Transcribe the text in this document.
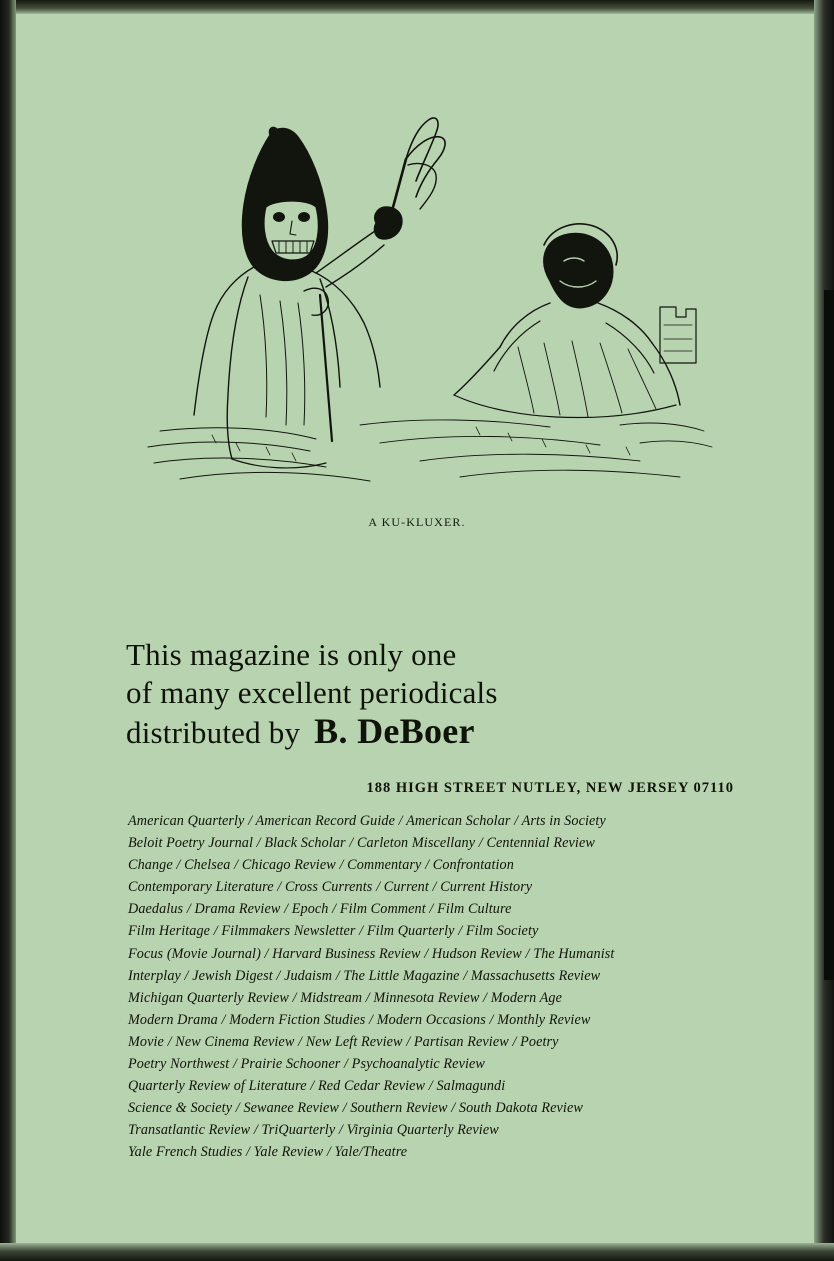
A KU-KLUXER.
This magazine is only one
of many excellent periodicals
distributed by B. DeBoer
188 HIGH STREET NUTLEY, NEW JERSEY 07110
American Quarterly / American Record Guide / American Scholar / Arts in Society
Beloit Poetry Journal / Black Scholar / Carleton Miscellany / Centennial Review
Change / Chelsea / Chicago Review / Commentary / Confrontation
Contemporary Literature / Cross Currents / Current / Current History
Daedalus / Drama Review / Epoch / Film Comment / Film Culture
Film Heritage / Filmmakers Newsletter / Film Quarterly / Film Society
Focus (Movie Journal) / Harvard Business Review / Hudson Review / The Humanist
Interplay / Jewish Digest / Judaism / The Little Magazine / Massachusetts Review
Michigan Quarterly Review / Midstream / Minnesota Review / Modern Age
Modern Drama / Modern Fiction Studies / Modern Occasions / Monthly Review
Movie / New Cinema Review / New Left Review / Partisan Review / Poetry
Poetry Northwest / Prairie Schooner / Psychoanalytic Review
Quarterly Review of Literature / Red Cedar Review / Salmagundi
Science & Society / Sewanee Review / Southern Review / South Dakota Review
Transatlantic Review / TriQuarterly / Virginia Quarterly Review
Yale French Studies / Yale Review / Yale/Theatre
